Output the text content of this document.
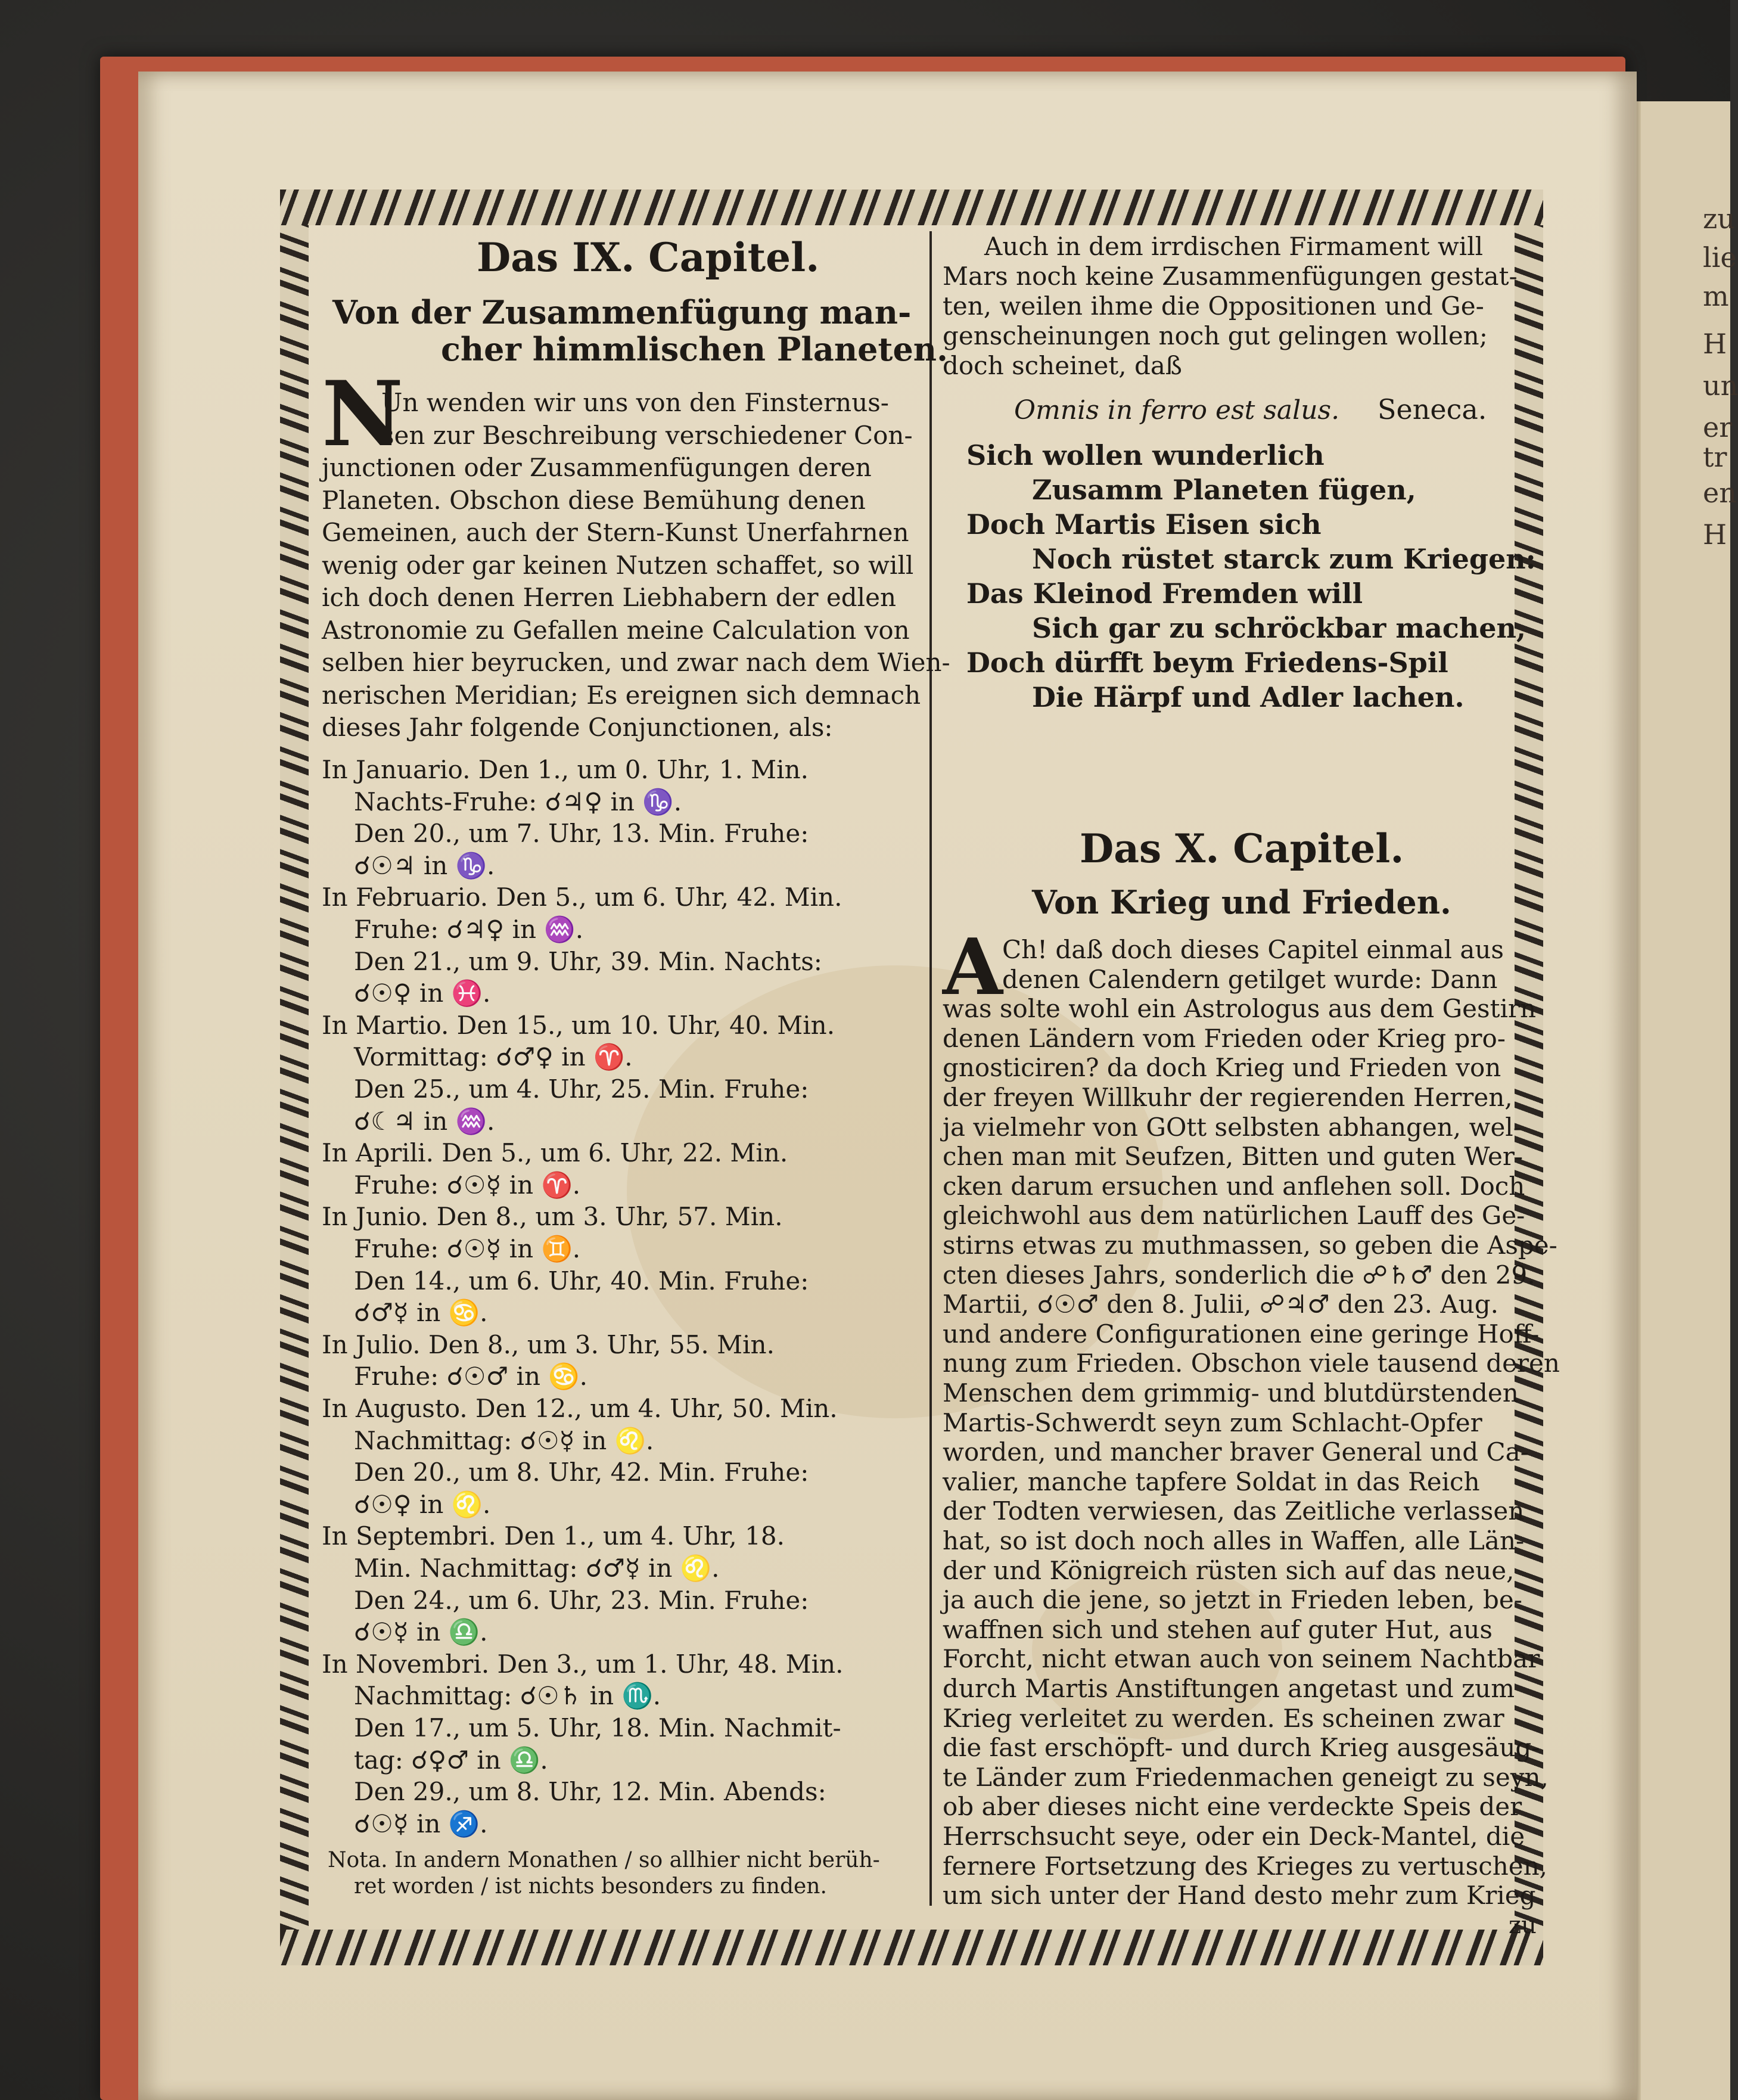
zu
lie
m
H
un
er
tr
en
H
Das IX. Capitel.
Von der Zusammenfügung man-
cher himmlischen Planeten.
N
Un wenden wir uns von den Finsternus-
sen zur Beschreibung verschiedener Con-
junctionen oder Zusammenfügungen deren
Planeten. Obschon diese Bemühung denen
Gemeinen, auch der Stern-Kunst Unerfahrnen
wenig oder gar keinen Nutzen schaffet, so will
ich doch denen Herren Liebhabern der edlen
Astronomie zu Gefallen meine Calculation von
selben hier beyrucken, und zwar nach dem Wien-
nerischen Meridian; Es ereignen sich demnach
dieses Jahr folgende Conjunctionen, als:
In Januario. Den 1., um 0. Uhr, 1. Min.
Nachts-Fruhe: ☌♃♀ in ♑.
Den 20., um 7. Uhr, 13. Min. Fruhe:
☌☉♃ in ♑.
In Februario. Den 5., um 6. Uhr, 42. Min.
Fruhe: ☌♃♀ in ♒.
Den 21., um 9. Uhr, 39. Min. Nachts:
☌☉♀ in ♓.
In Martio. Den 15., um 10. Uhr, 40. Min.
Vormittag: ☌♂♀ in ♈.
Den 25., um 4. Uhr, 25. Min. Fruhe:
☌☾♃ in ♒.
In Aprili. Den 5., um 6. Uhr, 22. Min.
Fruhe: ☌☉☿ in ♈.
In Junio. Den 8., um 3. Uhr, 57. Min.
Fruhe: ☌☉☿ in ♊.
Den 14., um 6. Uhr, 40. Min. Fruhe:
☌♂☿ in ♋.
In Julio. Den 8., um 3. Uhr, 55. Min.
Fruhe: ☌☉♂ in ♋.
In Augusto. Den 12., um 4. Uhr, 50. Min.
Nachmittag: ☌☉☿ in ♌.
Den 20., um 8. Uhr, 42. Min. Fruhe:
☌☉♀ in ♌.
In Septembri. Den 1., um 4. Uhr, 18.
Min. Nachmittag: ☌♂☿ in ♌.
Den 24., um 6. Uhr, 23. Min. Fruhe:
☌☉☿ in ♎.
In Novembri. Den 3., um 1. Uhr, 48. Min.
Nachmittag: ☌☉♄ in ♏.
Den 17., um 5. Uhr, 18. Min. Nachmit-
tag: ☌♀♂ in ♎.
Den 29., um 8. Uhr, 12. Min. Abends:
☌☉☿ in ♐.
Nota. In andern Monathen / so allhier nicht berüh-
ret worden / ist nichts besonders zu finden.
Auch in dem irrdischen Firmament will
Mars noch keine Zusammenfügungen gestat-
ten, weilen ihme die Oppositionen und Ge-
genscheinungen noch gut gelingen wollen;
doch scheinet, daß
Omnis in ferro est salus. Seneca.
Sich wollen wunderlich
Zusamm Planeten fügen,
Doch Martis Eisen sich
Noch rüstet starck zum Kriegen:
Das Kleinod Fremden will
Sich gar zu schröckbar machen,
Doch dürfft beym Friedens-Spil
Die Härpf und Adler lachen.
Das X. Capitel.
Von Krieg und Frieden.
A Ch! daß doch dieses Capitel einmal aus
denen Calendern getilget wurde: Dann
was solte wohl ein Astrologus aus dem Gestirn
denen Ländern vom Frieden oder Krieg pro-
gnosticiren? da doch Krieg und Frieden von
der freyen Willkuhr der regierenden Herren,
ja vielmehr von GOtt selbsten abhangen, wel-
chen man mit Seufzen, Bitten und guten Wer-
cken darum ersuchen und anflehen soll. Doch
gleichwohl aus dem natürlichen Lauff des Ge-
stirns etwas zu muthmassen, so geben die Aspe-
cten dieses Jahrs, sonderlich die ☍♄♂ den 29.
Martii, ☌☉♂ den 8. Julii, ☍♃♂ den 23. Aug.
und andere Configurationen eine geringe Hoff-
nung zum Frieden. Obschon viele tausend deren
Menschen dem grimmig- und blutdürstenden
Martis-Schwerdt seyn zum Schlacht-Opfer
worden, und mancher braver General und Ca-
valier, manche tapfere Soldat in das Reich
der Todten verwiesen, das Zeitliche verlassen
hat, so ist doch noch alles in Waffen, alle Län-
der und Königreich rüsten sich auf das neue,
ja auch die jene, so jetzt in Frieden leben, be-
waffnen sich und stehen auf guter Hut, aus
Forcht, nicht etwan auch von seinem Nachtbar
durch Martis Anstiftungen angetast und zum
Krieg verleitet zu werden. Es scheinen zwar
die fast erschöpft- und durch Krieg ausgesäug-
te Länder zum Friedenmachen geneigt zu seyn,
ob aber dieses nicht eine verdeckte Speis der
Herrschsucht seye, oder ein Deck-Mantel, die
fernere Fortsetzung des Krieges zu vertuschen,
um sich unter der Hand desto mehr zum Krieg
zu
